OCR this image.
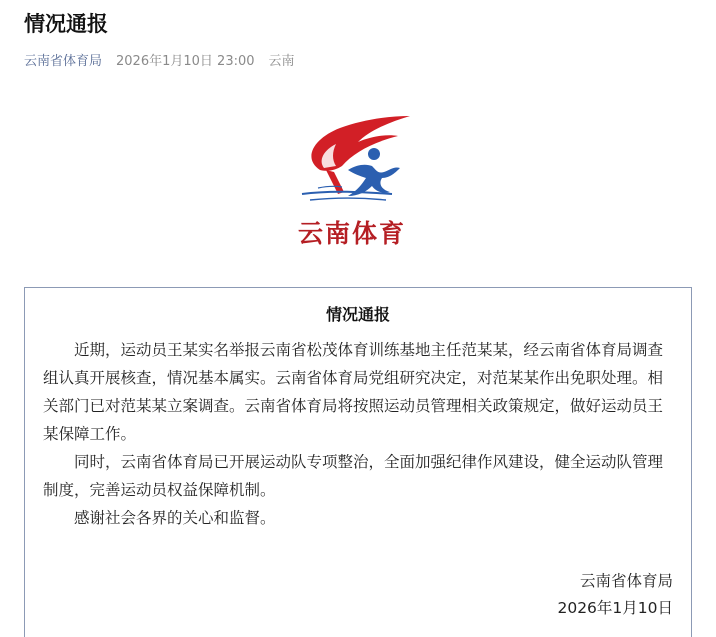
情况通报
云南省体育局 2026年1月10日 23:00 云南
云南体育
情况通报

近期，运动员王某实名举报云南省松茂体育训练基地主任范某某，经云南省体育局调查组认真开展核查，情况基本属实。云南省体育局党组研究决定，对范某某作出免职处理。相关部门已对范某某立案调查。云南省体育局将按照运动员管理相关政策规定，做好运动员王某保障工作。

同时，云南省体育局已开展运动队专项整治，全面加强纪律作风建设，健全运动队管理制度，完善运动员权益保障机制。

感谢社会各界的关心和监督。

云南省体育局
2026年1月10日
